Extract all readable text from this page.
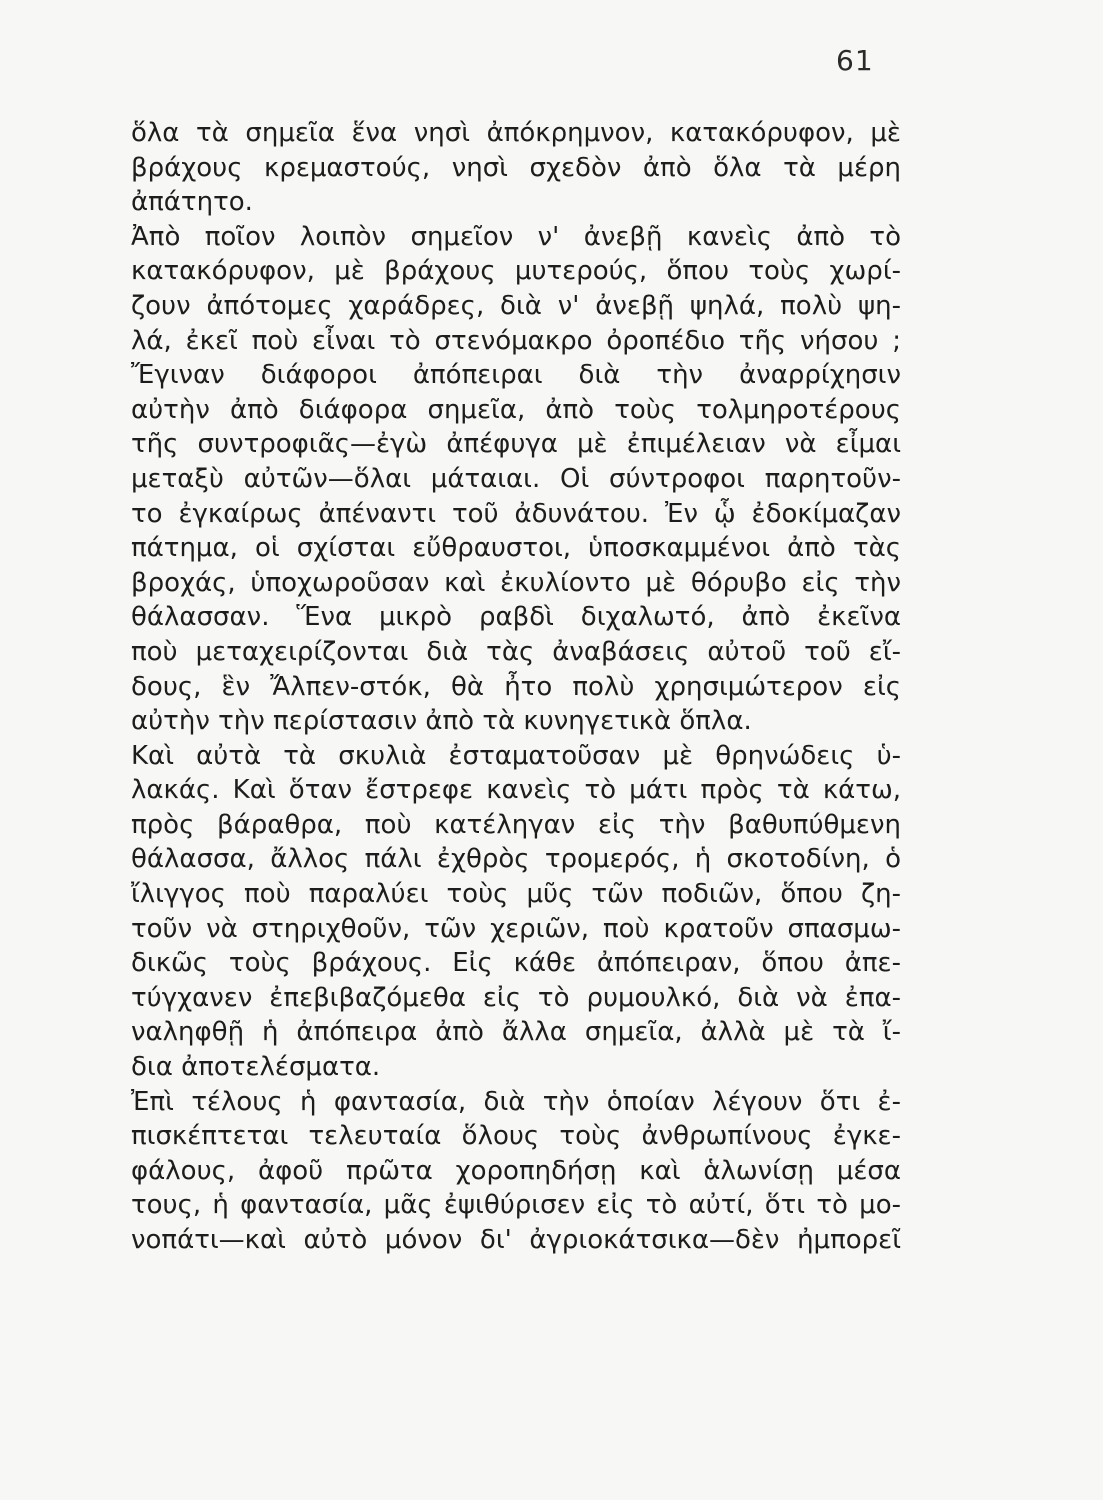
61
ὅλα τὰ σημεῖα ἕνα νησὶ ἀπόκρημνον, κατακόρυφον, μὲ
βράχους κρεμαστούς, νησὶ σχεδὸν ἀπὸ ὅλα τὰ μέρη
ἀπάτητο.
Ἀπὸ ποῖον λοιπὸν σημεῖον ν' ἀνεβῇ κανεὶς ἀπὸ τὸ
κατακόρυφον, μὲ βράχους μυτερούς, ὅπου τοὺς χωρί-
ζουν ἀπότομες χαράδρες, διὰ ν' ἀνεβῇ ψηλά, πολὺ ψη-
λά, ἐκεῖ ποὺ εἶναι τὸ στενόμακρο ὀροπέδιο τῆς νήσου ;
Ἔγιναν διάφοροι ἀπόπειραι διὰ τὴν ἀναρρίχησιν
αὐτὴν ἀπὸ διάφορα σημεῖα, ἀπὸ τοὺς τολμηροτέρους
τῆς συντροφιᾶς—ἐγὼ ἀπέφυγα μὲ ἐπιμέλειαν νὰ εἶμαι
μεταξὺ αὐτῶν—ὅλαι μάταιαι. Οἱ σύντροφοι παρητοῦν-
το ἐγκαίρως ἀπέναντι τοῦ ἀδυνάτου. Ἐν ᾧ ἐδοκίμαζαν
πάτημα, οἱ σχίσται εὔθραυστοι, ὑποσκαμμένοι ἀπὸ τὰς
βροχάς, ὑποχωροῦσαν καὶ ἐκυλίοντο μὲ θόρυβο εἰς τὴν
θάλασσαν. Ἕνα μικρὸ ραβδὶ διχαλωτό, ἀπὸ ἐκεῖνα
ποὺ μεταχειρίζονται διὰ τὰς ἀναβάσεις αὐτοῦ τοῦ εἴ-
δους, ἓν Ἄλπεν-στόκ, θὰ ἦτο πολὺ χρησιμώτερον εἰς
αὐτὴν τὴν περίστασιν ἀπὸ τὰ κυνηγετικὰ ὅπλα.
Καὶ αὐτὰ τὰ σκυλιὰ ἐσταματοῦσαν μὲ θρηνώδεις ὑ-
λακάς. Καὶ ὅταν ἔστρεφε κανεὶς τὸ μάτι πρὸς τὰ κάτω,
πρὸς βάραθρα, ποὺ κατέληγαν εἰς τὴν βαθυπύθμενη
θάλασσα, ἄλλος πάλι ἐχθρὸς τρομερός, ἡ σκοτοδίνη, ὁ
ἴλιγγος ποὺ παραλύει τοὺς μῦς τῶν ποδιῶν, ὅπου ζη-
τοῦν νὰ στηριχθοῦν, τῶν χεριῶν, ποὺ κρατοῦν σπασμω-
δικῶς τοὺς βράχους. Εἰς κάθε ἀπόπειραν, ὅπου ἀπε-
τύγχανεν ἐπεβιβαζόμεθα εἰς τὸ ρυμουλκό, διὰ νὰ ἐπα-
ναληφθῇ ἡ ἀπόπειρα ἀπὸ ἄλλα σημεῖα, ἀλλὰ μὲ τὰ ἴ-
δια ἀποτελέσματα.
Ἐπὶ τέλους ἡ φαντασία, διὰ τὴν ὁποίαν λέγουν ὅτι ἐ-
πισκέπτεται τελευταία ὅλους τοὺς ἀνθρωπίνους ἐγκε-
φάλους, ἀφοῦ πρῶτα χοροπηδήσῃ καὶ ἁλωνίσῃ μέσα
τους, ἡ φαντασία, μᾶς ἐψιθύρισεν εἰς τὸ αὐτί, ὅτι τὸ μο-
νοπάτι—καὶ αὐτὸ μόνον δι' ἀγριοκάτσικα—δὲν ἠμπορεῖ
